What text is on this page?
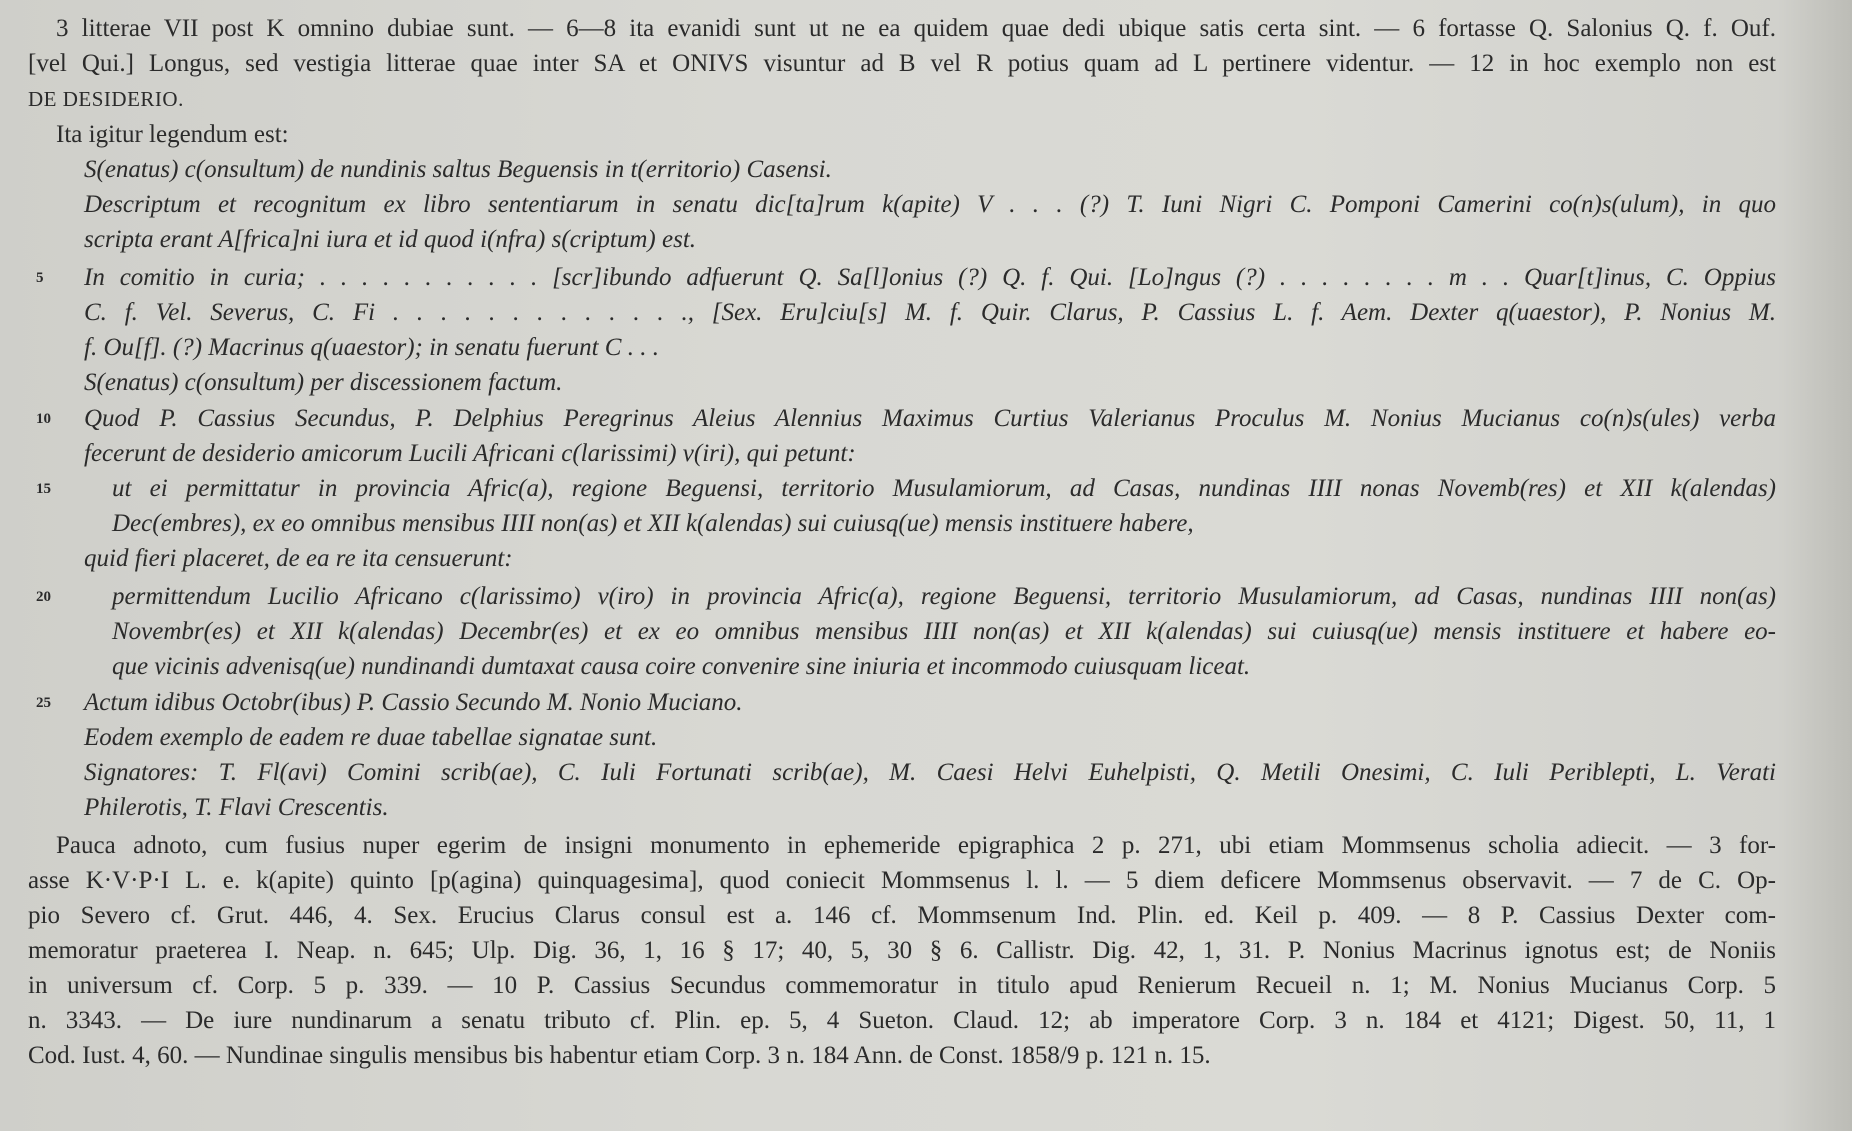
3 litterae VII post K omnino dubiae sunt. — 6—8 ita evanidi sunt ut ne ea quidem quae dedi ubique satis certa sint. — 6 fortasse Q. Salonius Q. f. Ouf.
[vel Qui.] Longus, sed vestigia litterae quae inter SA et ONIVS visuntur ad B vel R potius quam ad L pertinere videntur. — 12 in hoc exemplo non est
DE DESIDERIO.
Ita igitur legendum est:
S(enatus) c(onsultum) de nundinis saltus Beguensis in t(erritorio) Casensi.
Descriptum et recognitum ex libro sententiarum in senatu dic[ta]rum k(apite) V . . . (?) T. Iuni Nigri C. Pomponi Camerini co(n)s(ulum), in quo
scripta erant A[frica]ni iura et id quod i(nfra) s(criptum) est.
5 In comitio in curia; . . . . . . . . . . . [scr]ibundo adfuerunt Q. Sa[l]onius (?) Q. f. Qui. [Lo]ngus (?) . . . . . . . . m . . Quar[t]inus, C. Oppius
C. f. Vel. Severus, C. Fi . . . . . . . . . . . . ., [Sex. Eru]ciu[s] M. f. Quir. Clarus, P. Cassius L. f. Aem. Dexter q(uaestor), P. Nonius M.
f. Ou[f]. (?) Macrinus q(uaestor); in senatu fuerunt C . . .
S(enatus) c(onsultum) per discessionem factum.
10 Quod P. Cassius Secundus, P. Delphius Peregrinus Aleius Alennius Maximus Curtius Valerianus Proculus M. Nonius Mucianus co(n)s(ules) verba
fecerunt de desiderio amicorum Lucili Africani c(larissimi) v(iri), qui petunt:
15 ut ei permittatur in provincia Afric(a), regione Beguensi, territorio Musulamiorum, ad Casas, nundinas IIII nonas Novemb(res) et XII k(alendas)
Dec(embres), ex eo omnibus mensibus IIII non(as) et XII k(alendas) sui cuiusq(ue) mensis instituere habere,
quid fieri placeret, de ea re ita censuerunt:
20 permittendum Lucilio Africano c(larissimo) v(iro) in provincia Afric(a), regione Beguensi, territorio Musulamiorum, ad Casas, nundinas IIII non(as)
Novembr(es) et XII k(alendas) Decembr(es) et ex eo omnibus mensibus IIII non(as) et XII k(alendas) sui cuiusq(ue) mensis instituere et habere eo-
que vicinis advenisq(ue) nundinandi dumtaxat causa coire convenire sine iniuria et incommodo cuiusquam liceat.
25 Actum idibus Octobr(ibus) P. Cassio Secundo M. Nonio Muciano.
Eodem exemplo de eadem re duae tabellae signatae sunt.
Signatores: T. Fl(avi) Comini scrib(ae), C. Iuli Fortunati scrib(ae), M. Caesi Helvi Euhelpisti, Q. Metili Onesimi, C. Iuli Periblepti, L. Verati
Philerotis, T. Flavi Crescentis.
Pauca adnoto, cum fusius nuper egerim de insigni monumento in ephemeride epigraphica 2 p. 271, ubi etiam Mommsenus scholia adiecit. — 3 for-
asse K·V·P·I L. e. k(apite) quinto [p(agina) quinquagesima], quod coniecit Mommsenus l. l. — 5 diem deficere Mommsenus observavit. — 7 de C. Op-
pio Severo cf. Grut. 446, 4. Sex. Erucius Clarus consul est a. 146 cf. Mommsenum Ind. Plin. ed. Keil p. 409. — 8 P. Cassius Dexter com-
memoratur praeterea I. Neap. n. 645; Ulp. Dig. 36, 1, 16 § 17; 40, 5, 30 § 6. Callistr. Dig. 42, 1, 31. P. Nonius Macrinus ignotus est; de Noniis
in universum cf. Corp. 5 p. 339. — 10 P. Cassius Secundus commemoratur in titulo apud Renierum Recueil n. 1; M. Nonius Mucianus Corp. 5
n. 3343. — De iure nundinarum a senatu tributo cf. Plin. ep. 5, 4 Sueton. Claud. 12; ab imperatore Corp. 3 n. 184 et 4121; Digest. 50, 11, 1
Cod. Iust. 4, 60. — Nundinae singulis mensibus bis habentur etiam Corp. 3 n. 184 Ann. de Const. 1858/9 p. 121 n. 15.
